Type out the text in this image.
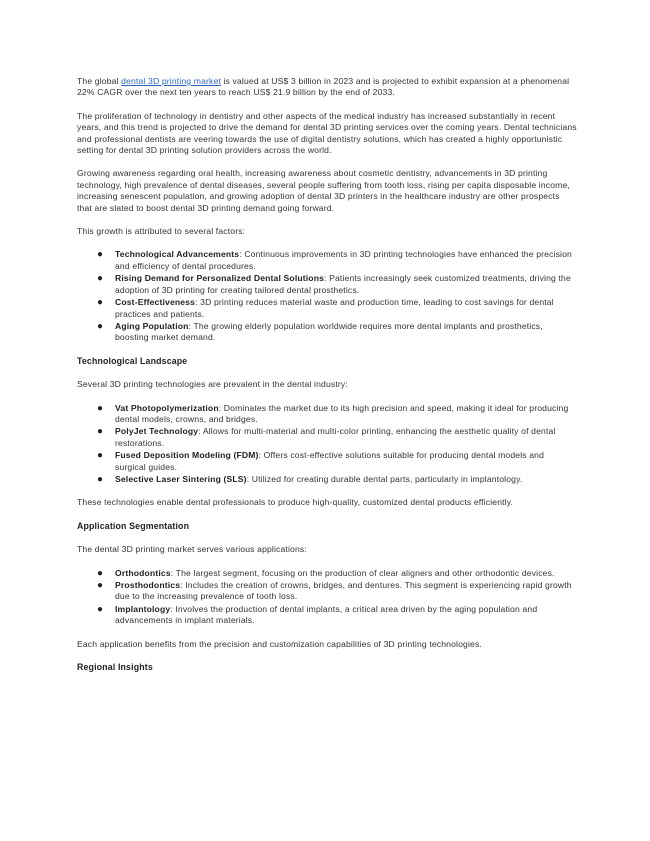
The global dental 3D printing market is valued at US$ 3 billion in 2023 and is projected to exhibit expansion at a phenomenal 22% CAGR over the next ten years to reach US$ 21.9 billion by the end of 2033.

The proliferation of technology in dentistry and other aspects of the medical industry has increased substantially in recent years, and this trend is projected to drive the demand for dental 3D printing services over the coming years. Dental technicians and professional dentists are veering towards the use of digital dentistry solutions, which has created a highly opportunistic setting for dental 3D printing solution providers across the world.

Growing awareness regarding oral health, increasing awareness about cosmetic dentistry, advancements in 3D printing technology, high prevalence of dental diseases, several people suffering from tooth loss, rising per capita disposable income, increasing senescent population, and growing adoption of dental 3D printers in the healthcare industry are other prospects that are slated to boost dental 3D printing demand going forward.

This growth is attributed to several factors:

● Technological Advancements: Continuous improvements in 3D printing technologies have enhanced the precision and efficiency of dental procedures.
● Rising Demand for Personalized Dental Solutions: Patients increasingly seek customized treatments, driving the adoption of 3D printing for creating tailored dental prosthetics.
● Cost-Effectiveness: 3D printing reduces material waste and production time, leading to cost savings for dental practices and patients.
● Aging Population: The growing elderly population worldwide requires more dental implants and prosthetics, boosting market demand.
Technological Landscape

Several 3D printing technologies are prevalent in the dental industry:

● Vat Photopolymerization: Dominates the market due to its high precision and speed, making it ideal for producing dental models, crowns, and bridges.
● PolyJet Technology: Allows for multi-material and multi-color printing, enhancing the aesthetic quality of dental restorations.
● Fused Deposition Modeling (FDM): Offers cost-effective solutions suitable for producing dental models and surgical guides.
● Selective Laser Sintering (SLS): Utilized for creating durable dental parts, particularly in implantology.

These technologies enable dental professionals to produce high-quality, customized dental products efficiently.

Application Segmentation

The dental 3D printing market serves various applications:

● Orthodontics: The largest segment, focusing on the production of clear aligners and other orthodontic devices.
● Prosthodontics: Includes the creation of crowns, bridges, and dentures. This segment is experiencing rapid growth due to the increasing prevalence of tooth loss.
● Implantology: Involves the production of dental implants, a critical area driven by the aging population and advancements in implant materials.

Each application benefits from the precision and customization capabilities of 3D printing technologies.

Regional Insights
